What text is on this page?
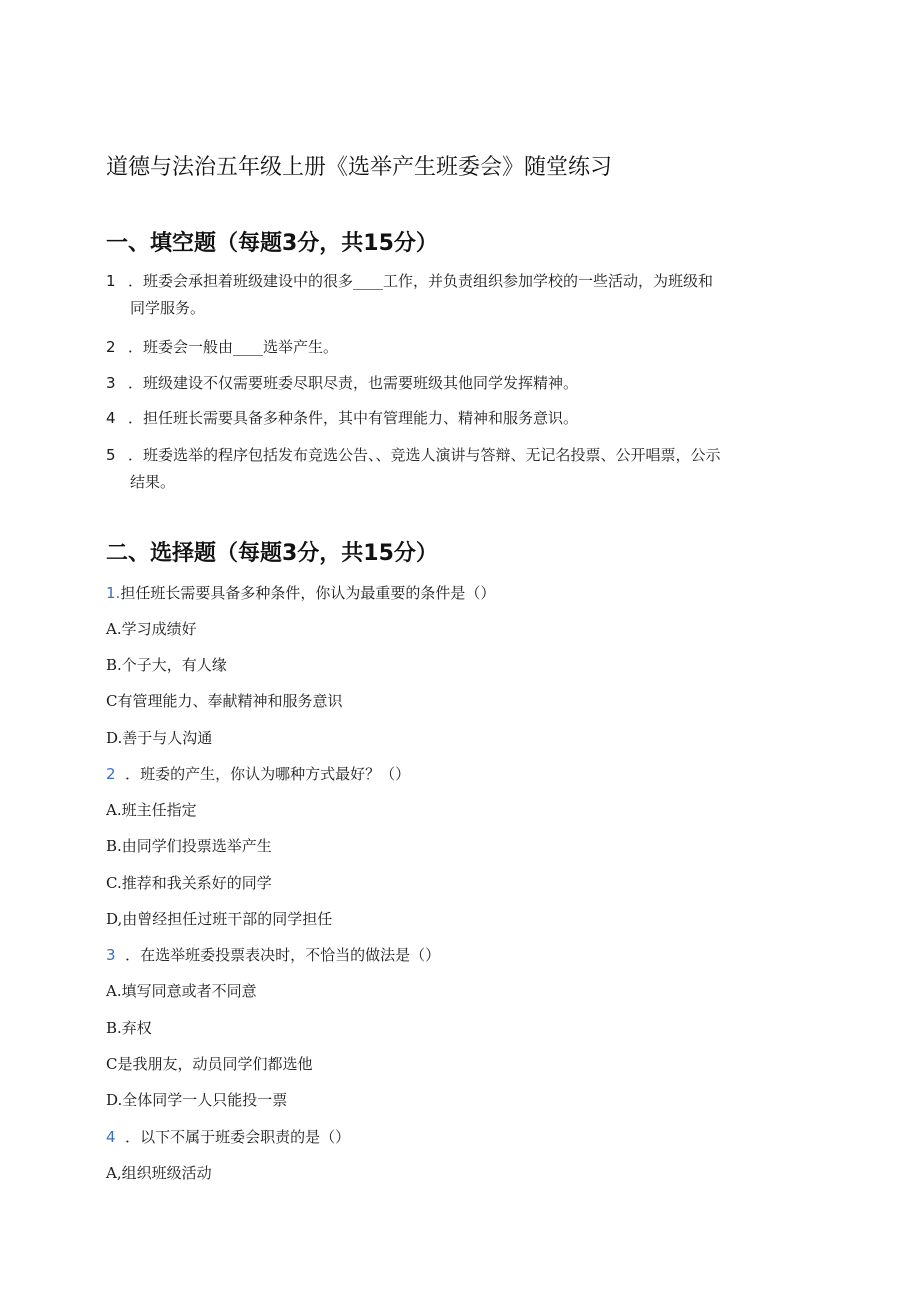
道德与法治五年级上册《选举产生班委会》随堂练习
一、填空题（每题3分，共15分）
1 ．班委会承担着班级建设中的很多____工作，并负责组织参加学校的一些活动，为班级和
同学服务。
2 ．班委会一般由____选举产生。
3 ．班级建设不仅需要班委尽职尽责，也需要班级其他同学发挥精神。
4 ．担任班长需要具备多种条件，其中有管理能力、精神和服务意识。
5 ．班委选举的程序包括发布竞选公告、、竞选人演讲与答辩、无记名投票、公开唱票，公示
结果。
二、选择题（每题3分，共15分）
1.担任班长需要具备多种条件，你认为最重要的条件是（）
A.学习成绩好
B.个子大，有人缘
C有管理能力、奉献精神和服务意识
D.善于与人沟通
2 ．班委的产生，你认为哪种方式最好？（）
A.班主任指定
B.由同学们投票选举产生
C.推荐和我关系好的同学
D,由曾经担任过班干部的同学担任
3 ．在选举班委投票表决时，不恰当的做法是（）
A.填写同意或者不同意
B.弃权
C是我朋友，动员同学们都选他
D.全体同学一人只能投一票
4 ．以下不属于班委会职责的是（）
A,组织班级活动
